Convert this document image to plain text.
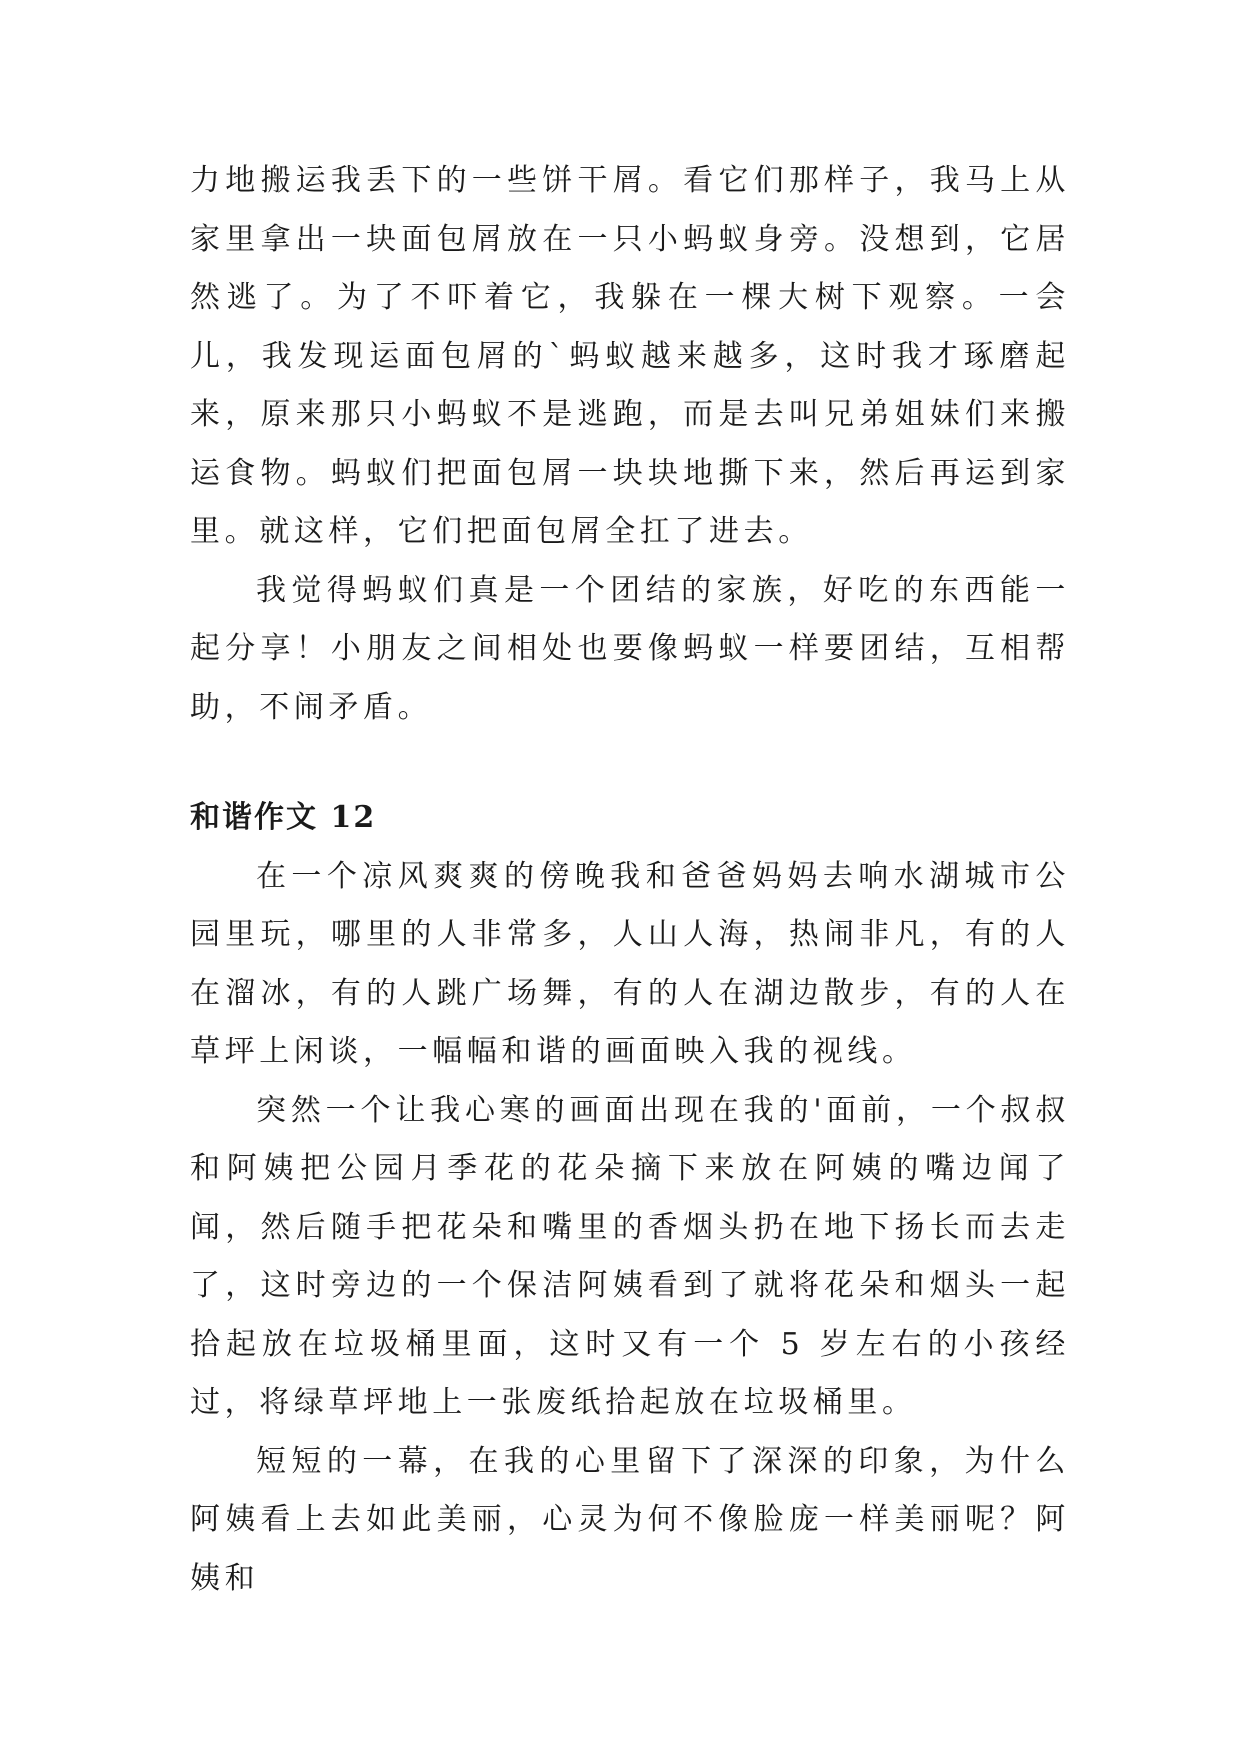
力地搬运我丢下的一些饼干屑。看它们那样子，我马上从家里拿出一块面包屑放在一只小蚂蚁身旁。没想到，它居然逃了。为了不吓着它，我躲在一棵大树下观察。一会儿，我发现运面包屑的`蚂蚁越来越多，这时我才琢磨起来，原来那只小蚂蚁不是逃跑，而是去叫兄弟姐妹们来搬运食物。蚂蚁们把面包屑一块块地撕下来，然后再运到家里。就这样，它们把面包屑全扛了进去。

我觉得蚂蚁们真是一个团结的家族，好吃的东西能一起分享！小朋友之间相处也要像蚂蚁一样要团结，互相帮助，不闹矛盾。

和谐作文 12

在一个凉风爽爽的傍晚我和爸爸妈妈去响水湖城市公园里玩，哪里的人非常多，人山人海，热闹非凡，有的人在溜冰，有的人跳广场舞，有的人在湖边散步，有的人在草坪上闲谈，一幅幅和谐的画面映入我的视线。

突然一个让我心寒的画面出现在我的'面前，一个叔叔和阿姨把公园月季花的花朵摘下来放在阿姨的嘴边闻了闻，然后随手把花朵和嘴里的香烟头扔在地下扬长而去走了，这时旁边的一个保洁阿姨看到了就将花朵和烟头一起拾起放在垃圾桶里面，这时又有一个 5 岁左右的小孩经过，将绿草坪地上一张废纸拾起放在垃圾桶里。

短短的一幕，在我的心里留下了深深的印象，为什么阿姨看上去如此美丽，心灵为何不像脸庞一样美丽呢？阿姨和
